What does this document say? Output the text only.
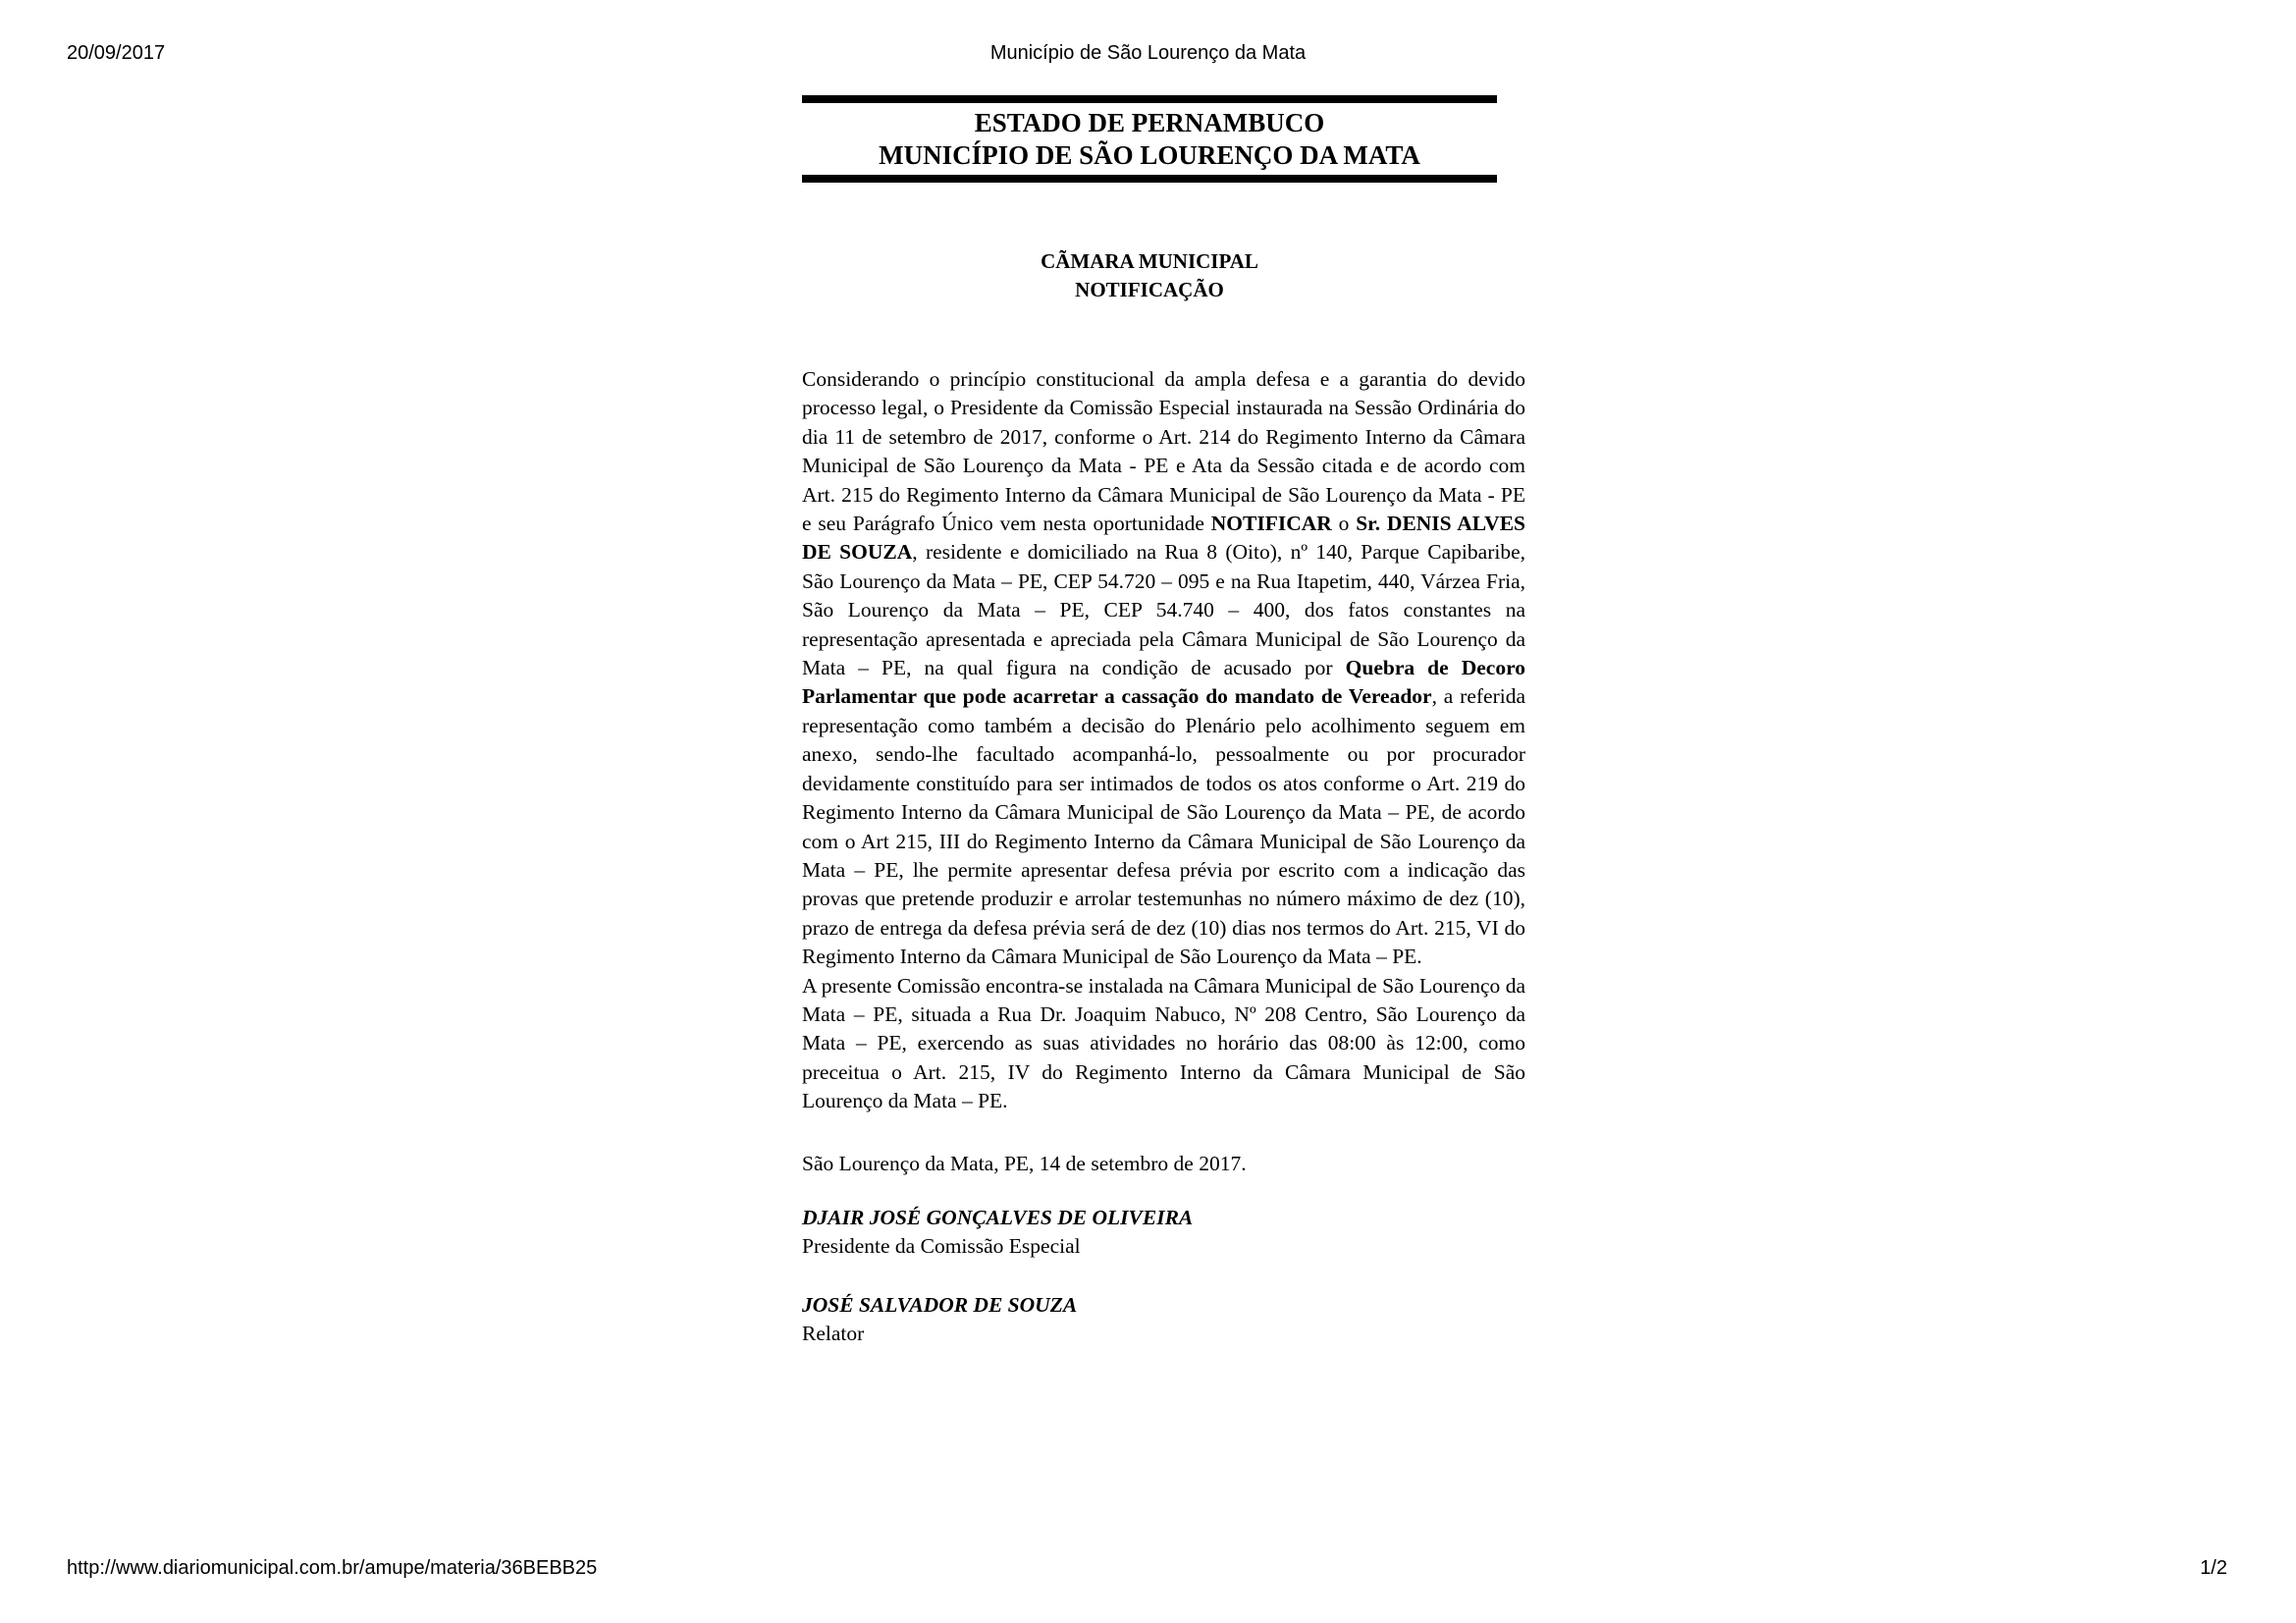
20/09/2017	Município de São Lourenço da Mata
ESTADO DE PERNAMBUCO
MUNICÍPIO DE SÃO LOURENÇO DA MATA
CÃMARA MUNICIPAL
NOTIFICAÇÃO

Considerando o princípio constitucional da ampla defesa e a garantia do devido processo legal, o Presidente da Comissão Especial instaurada na Sessão Ordinária do dia 11 de setembro de 2017, conforme o Art. 214 do Regimento Interno da Câmara Municipal de São Lourenço da Mata - PE e Ata da Sessão citada e de acordo com Art. 215 do Regimento Interno da Câmara Municipal de São Lourenço da Mata - PE e seu Parágrafo Único vem nesta oportunidade NOTIFICAR o Sr. DENIS ALVES DE SOUZA, residente e domiciliado na Rua 8 (Oito), nº 140, Parque Capibaribe, São Lourenço da Mata – PE, CEP 54.720 – 095 e na Rua Itapetim, 440, Várzea Fria, São Lourenço da Mata – PE, CEP 54.740 – 400, dos fatos constantes na representação apresentada e apreciada pela Câmara Municipal de São Lourenço da Mata – PE, na qual figura na condição de acusado por Quebra de Decoro Parlamentar que pode acarretar a cassação do mandato de Vereador, a referida representação como também a decisão do Plenário pelo acolhimento seguem em anexo, sendo-lhe facultado acompanhá-lo, pessoalmente ou por procurador devidamente constituído para ser intimados de todos os atos conforme o Art. 219 do Regimento Interno da Câmara Municipal de São Lourenço da Mata – PE, de acordo com o Art 215, III do Regimento Interno da Câmara Municipal de São Lourenço da Mata – PE, lhe permite apresentar defesa prévia por escrito com a indicação das provas que pretende produzir e arrolar testemunhas no número máximo de dez (10), prazo de entrega da defesa prévia será de dez (10) dias nos termos do Art. 215, VI do Regimento Interno da Câmara Municipal de São Lourenço da Mata – PE.

A presente Comissão encontra-se instalada na Câmara Municipal de São Lourenço da Mata – PE, situada a Rua Dr. Joaquim Nabuco, Nº 208 Centro, São Lourenço da Mata – PE, exercendo as suas atividades no horário das 08:00 às 12:00, como preceitua o Art. 215, IV do Regimento Interno da Câmara Municipal de São Lourenço da Mata – PE.

São Lourenço da Mata, PE, 14 de setembro de 2017.

DJAIR JOSÉ GONÇALVES DE OLIVEIRA

Presidente da Comissão Especial

JOSÉ SALVADOR DE SOUZA

Relator

http://www.diariomunicipal.com.br/amupe/materia/36BEBB25	1/2
